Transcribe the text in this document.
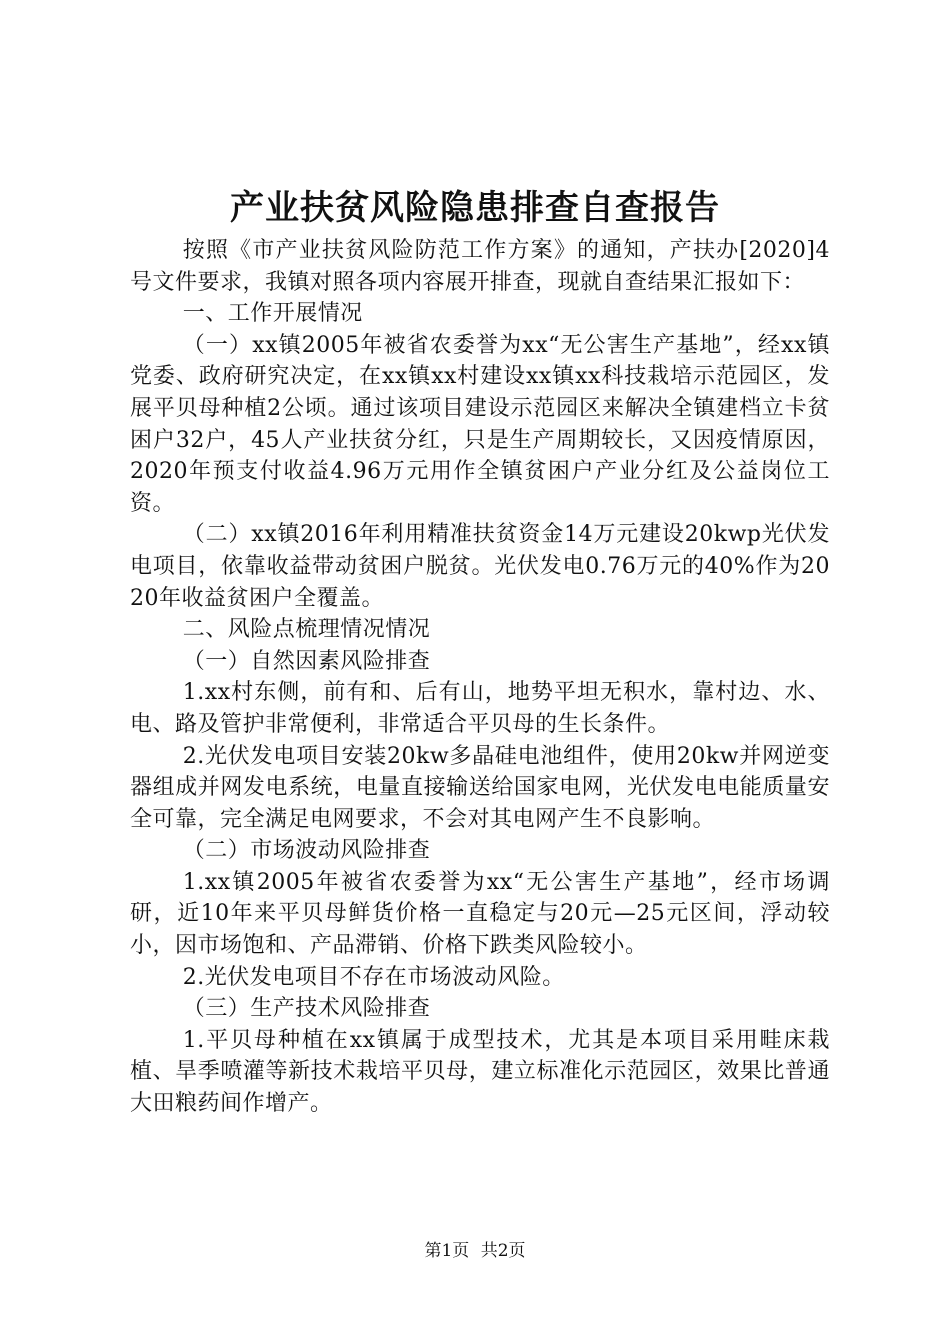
产业扶贫风险隐患排查自查报告

按照《市产业扶贫风险防范工作方案》的通知，产扶办[2020]4号文件要求，我镇对照各项内容展开排查，现就自查结果汇报如下：

一、工作开展情况

（一）xx镇2005年被省农委誉为xx“无公害生产基地”，经xx镇党委、政府研究决定，在xx镇xx村建设xx镇xx科技栽培示范园区，发展平贝母种植2公顷。通过该项目建设示范园区来解决全镇建档立卡贫困户32户，45人产业扶贫分红，只是生产周期较长，又因疫情原因，2020年预支付收益4.96万元用作全镇贫困户产业分红及公益岗位工资。

（二）xx镇2016年利用精准扶贫资金14万元建设20kwp光伏发电项目，依靠收益带动贫困户脱贫。光伏发电0.76万元的40%作为2020年收益贫困户全覆盖。

二、风险点梳理情况情况

（一）自然因素风险排查

1.xx村东侧，前有和、后有山，地势平坦无积水，靠村边、水、电、路及管护非常便利，非常适合平贝母的生长条件。

2.光伏发电项目安装20kw多晶硅电池组件，使用20kw并网逆变器组成并网发电系统，电量直接输送给国家电网，光伏发电电能质量安全可靠，完全满足电网要求，不会对其电网产生不良影响。

（二）市场波动风险排查

1.xx镇2005年被省农委誉为xx“无公害生产基地”，经市场调研，近10年来平贝母鲜货价格一直稳定与20元—25元区间，浮动较小，因市场饱和、产品滞销、价格下跌类风险较小。

2.光伏发电项目不存在市场波动风险。

（三）生产技术风险排查

1.平贝母种植在xx镇属于成型技术，尤其是本项目采用畦床栽植、旱季喷灌等新技术栽培平贝母，建立标准化示范园区，效果比普通大田粮药间作增产。

第1页 共2页
